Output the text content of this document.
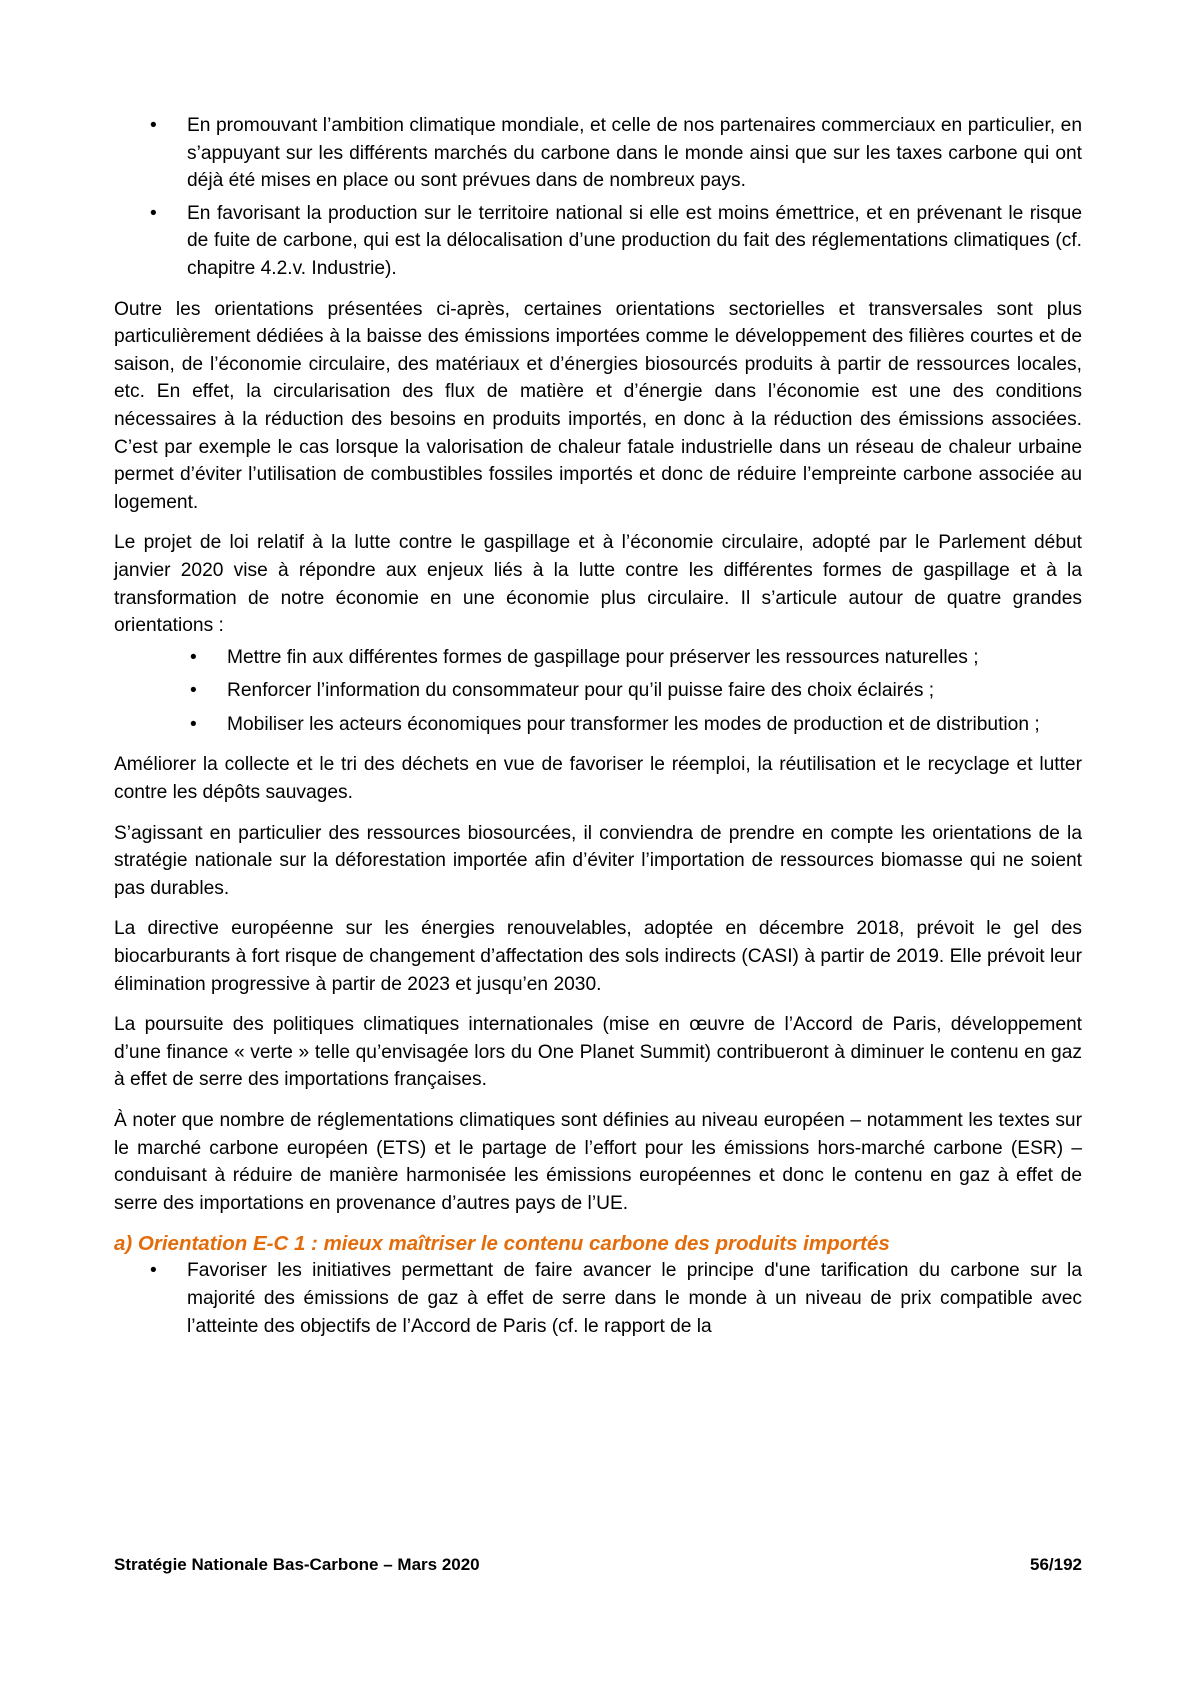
• En promouvant l’ambition climatique mondiale, et celle de nos partenaires commerciaux en particulier, en s’appuyant sur les différents marchés du carbone dans le monde ainsi que sur les taxes carbone qui ont déjà été mises en place ou sont prévues dans de nombreux pays.
• En favorisant la production sur le territoire national si elle est moins émettrice, et en prévenant le risque de fuite de carbone, qui est la délocalisation d’une production du fait des réglementations climatiques (cf. chapitre 4.2.v. Industrie).

Outre les orientations présentées ci-après, certaines orientations sectorielles et transversales sont plus particulièrement dédiées à la baisse des émissions importées comme le développement des filières courtes et de saison, de l’économie circulaire, des matériaux et d’énergies biosourcés produits à partir de ressources locales, etc. En effet, la circularisation des flux de matière et d’énergie dans l’économie est une des conditions nécessaires à la réduction des besoins en produits importés, en donc à la réduction des émissions associées. C’est par exemple le cas lorsque la valorisation de chaleur fatale industrielle dans un réseau de chaleur urbaine permet d’éviter l’utilisation de combustibles fossiles importés et donc de réduire l’empreinte carbone associée au logement.

Le projet de loi relatif à la lutte contre le gaspillage et à l’économie circulaire, adopté par le Parlement début janvier 2020 vise à répondre aux enjeux liés à la lutte contre les différentes formes de gaspillage et à la transformation de notre économie en une économie plus circulaire. Il s’articule autour de quatre grandes orientations :

• Mettre fin aux différentes formes de gaspillage pour préserver les ressources naturelles ;
• Renforcer l’information du consommateur pour qu’il puisse faire des choix éclairés ;
• Mobiliser les acteurs économiques pour transformer les modes de production et de distribution ;

Améliorer la collecte et le tri des déchets en vue de favoriser le réemploi, la réutilisation et le recyclage et lutter contre les dépôts sauvages.

S’agissant en particulier des ressources biosourcées, il conviendra de prendre en compte les orientations de la stratégie nationale sur la déforestation importée afin d’éviter l’importation de ressources biomasse qui ne soient pas durables.

La directive européenne sur les énergies renouvelables, adoptée en décembre 2018, prévoit le gel des biocarburants à fort risque de changement d’affectation des sols indirects (CASI) à partir de 2019. Elle prévoit leur élimination progressive à partir de 2023 et jusqu’en 2030.

La poursuite des politiques climatiques internationales (mise en œuvre de l’Accord de Paris, développement d’une finance « verte » telle qu’envisagée lors du One Planet Summit) contribueront à diminuer le contenu en gaz à effet de serre des importations françaises.

À noter que nombre de réglementations climatiques sont définies au niveau européen – notamment les textes sur le marché carbone européen (ETS) et le partage de l’effort pour les émissions hors-marché carbone (ESR) – conduisant à réduire de manière harmonisée les émissions européennes et donc le contenu en gaz à effet de serre des importations en provenance d’autres pays de l’UE.

a) Orientation E-C 1 : mieux maîtriser le contenu carbone des produits importés
• Favoriser les initiatives permettant de faire avancer le principe d'une tarification du carbone sur la majorité des émissions de gaz à effet de serre dans le monde à un niveau de prix compatible avec l’atteinte des objectifs de l’Accord de Paris (cf. le rapport de la
Stratégie Nationale Bas-Carbone – Mars 2020	56/192
